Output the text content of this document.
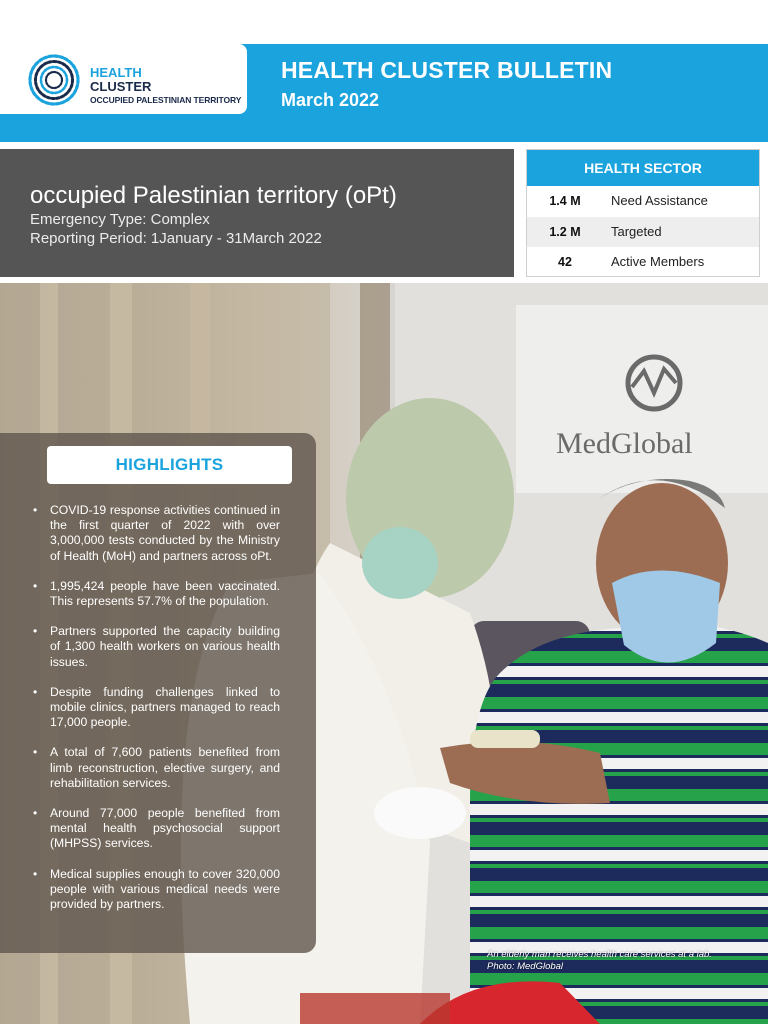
HEALTH
CLUSTER
OCCUPIED PALESTINIAN TERRITORY
HEALTH CLUSTER BULLETIN
March 2022
occupied Palestinian territory (oPt)
Emergency Type: Complex
Reporting Period: 1January - 31March 2022
HEALTH SECTOR
1.4 M	Need Assistance
1.2 M	Targeted
42	Active Members
MedGlobal
HIGHLIGHTS
• COVID-19 response activities continued in the first quarter of 2022 with over 3,000,000 tests conducted by the Ministry of Health (MoH) and partners across oPt.
• 1,995,424 people have been vaccinated. This represents 57.7% of the population.
• Partners supported the capacity building of 1,300 health workers on various health issues.
• Despite funding challenges linked to mobile clinics, partners managed to reach 17,000 people.
• A total of 7,600 patients benefited from limb reconstruction, elective surgery, and rehabilitation services.
• Around 77,000 people benefited from mental health psychosocial support (MHPSS) services.
• Medical supplies enough to cover 320,000 people with various medical needs were provided by partners.
An elderly man receives health care services at a lab.
Photo: MedGlobal
